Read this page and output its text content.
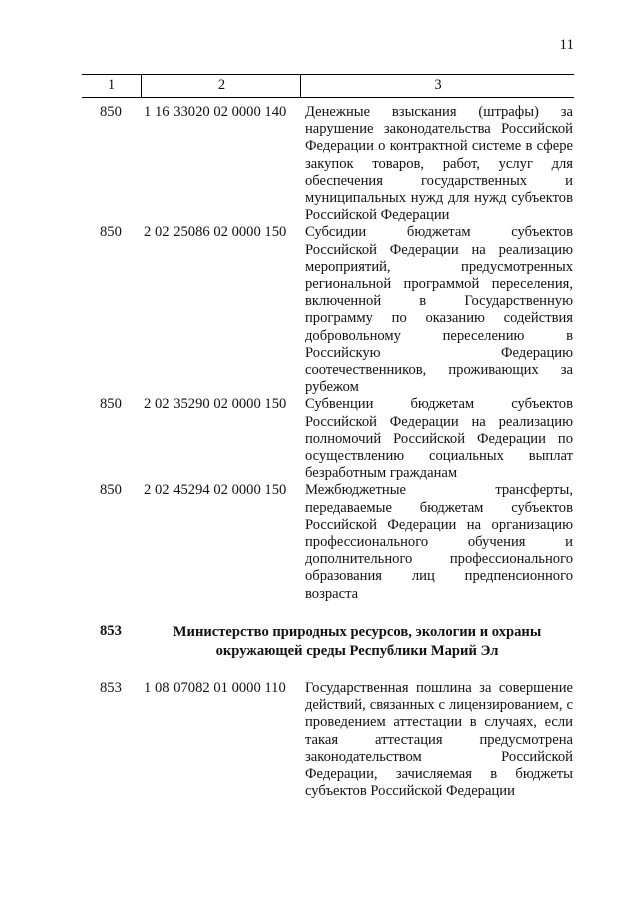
11
1	2	3
850	1 16 33020 02 0000 140	Денежные взыскания (штрафы) за нарушение законодательства Российской Федерации о контрактной системе в сфере закупок товаров, работ, услуг для обеспечения государственных и муниципальных нужд для нужд субъектов Российской Федерации
850	2 02 25086 02 0000 150	Субсидии бюджетам субъектов Российской Федерации на реализацию мероприятий, предусмотренных региональной программой переселения, включенной в Государственную программу по оказанию содействия добровольному переселению в Российскую Федерацию соотечественников, проживающих за рубежом
850	2 02 35290 02 0000 150	Субвенции бюджетам субъектов Российской Федерации на реализацию полномочий Российской Федерации по осуществлению социальных выплат безработным гражданам
850	2 02 45294 02 0000 150	Межбюджетные трансферты, передаваемые бюджетам субъектов Российской Федерации на организацию профессионального обучения и дополнительного профессионального образования лиц предпенсионного возраста
853	Министерство природных ресурсов, экологии и охраны окружающей среды Республики Марий Эл
853	1 08 07082 01 0000 110	Государственная пошлина за совершение действий, связанных с лицензированием, с проведением аттестации в случаях, если такая аттестация предусмотрена законодательством Российской Федерации, зачисляемая в бюджеты субъектов Российской Федерации
